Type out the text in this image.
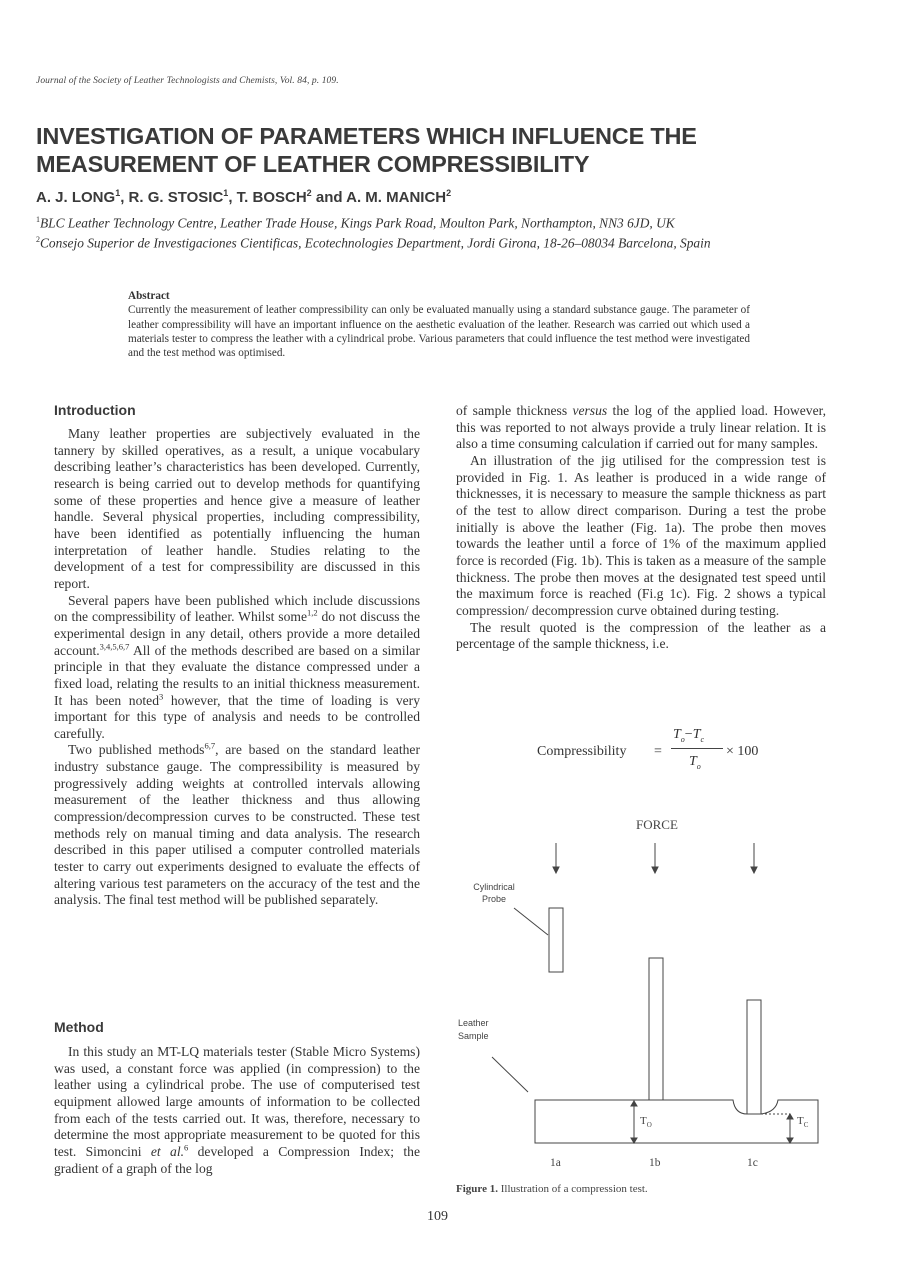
Journal of the Society of Leather Technologists and Chemists, Vol. 84, p. 109.
INVESTIGATION OF PARAMETERS WHICH INFLUENCE THE
MEASUREMENT OF LEATHER COMPRESSIBILITY
A. J. LONG$^1$, R. G. STOSIC$^1$, T. BOSCH$^2$ and A. M. MANICH$^2$
$^1$BLC Leather Technology Centre, Leather Trade House, Kings Park Road, Moulton Park, Northampton, NN3 6JD, UK
$^2$Consejo Superior de Investigaciones Cientificas, Ecotechnologies Department, Jordi Girona, 18-26–08034 Barcelona, Spain
Abstract
Currently the measurement of leather compressibility can only be evaluated manually using a standard substance gauge. The parameter of leather compressibility will have an important influence on the aesthetic evaluation of the leather. Research was carried out which used a materials tester to compress the leather with a cylindrical probe. Various parameters that could influence the test method were investigated and the test method was optimised.
Introduction

Many leather properties are subjectively evaluated in the tannery by skilled operatives, as a result, a unique vocabulary describing leather’s characteristics has been developed. Currently, research is being carried out to develop methods for quantifying some of these properties and hence give a measure of leather handle. Several physical properties, including compressibility, have been identified as potentially influencing the human interpretation of leather handle. Studies relating to the development of a test for compressibility are discussed in this report.

Several papers have been published which include discussions on the compressibility of leather. Whilst some$^{1,2}$ do not discuss the experimental design in any detail, others provide a more detailed account.$^{3,4,5,6,7}$ All of the methods described are based on a similar principle in that they evaluate the distance compressed under a fixed load, relating the results to an initial thickness measurement. It has been noted$^3$ however, that the time of loading is very important for this type of analysis and needs to be controlled carefully.

Two published methods$^{6,7}$, are based on the standard leather industry substance gauge. The compressibility is measured by progressively adding weights at controlled intervals allowing measurement of the leather thickness and thus allowing compression/decompression curves to be constructed. These test methods rely on manual timing and data analysis. The research described in this paper utilised a computer controlled materials tester to carry out experiments designed to evaluate the effects of altering various test parameters on the accuracy of the test and the analysis. The final test method will be published separately.

Method

In this study an MT-LQ materials tester (Stable Micro Systems) was used, a constant force was applied (in compression) to the leather using a cylindrical probe. The use of computerised test equipment allowed large amounts of information to be collected from each of the tests carried out. It was, therefore, necessary to determine the most appropriate measurement to be quoted for this test. Simoncini et al.$^6$ developed a Compression Index; the gradient of a graph of the log

of sample thickness versus the log of the applied load. However, this was reported to not always provide a truly linear relation. It is also a time consuming calculation if carried out for many samples.

An illustration of the jig utilised for the compression test is provided in Fig. 1. As leather is produced in a wide range of thicknesses, it is necessary to measure the sample thickness as part of the test to allow direct comparison. During a test the probe initially is above the leather (Fig. 1a). The probe then moves towards the leather until a force of 1% of the maximum applied force is recorded (Fig. 1b). This is taken as a measure of the sample thickness. The probe then moves at the designated test speed until the maximum force is reached (Fi.g 1c). Fig. 2 shows a typical compression/ decompression curve obtained during testing.

The result quoted is the compression of the leather as a percentage of the sample thickness, i.e.

Compressibility =
$T_o-T_c$
$T_o$
× 100
FORCE
Cylindrical
Probe
Leather
Sample
$T_O$	$T_C$
1a	1b	1c
Figure 1. Illustration of a compression test.
109
